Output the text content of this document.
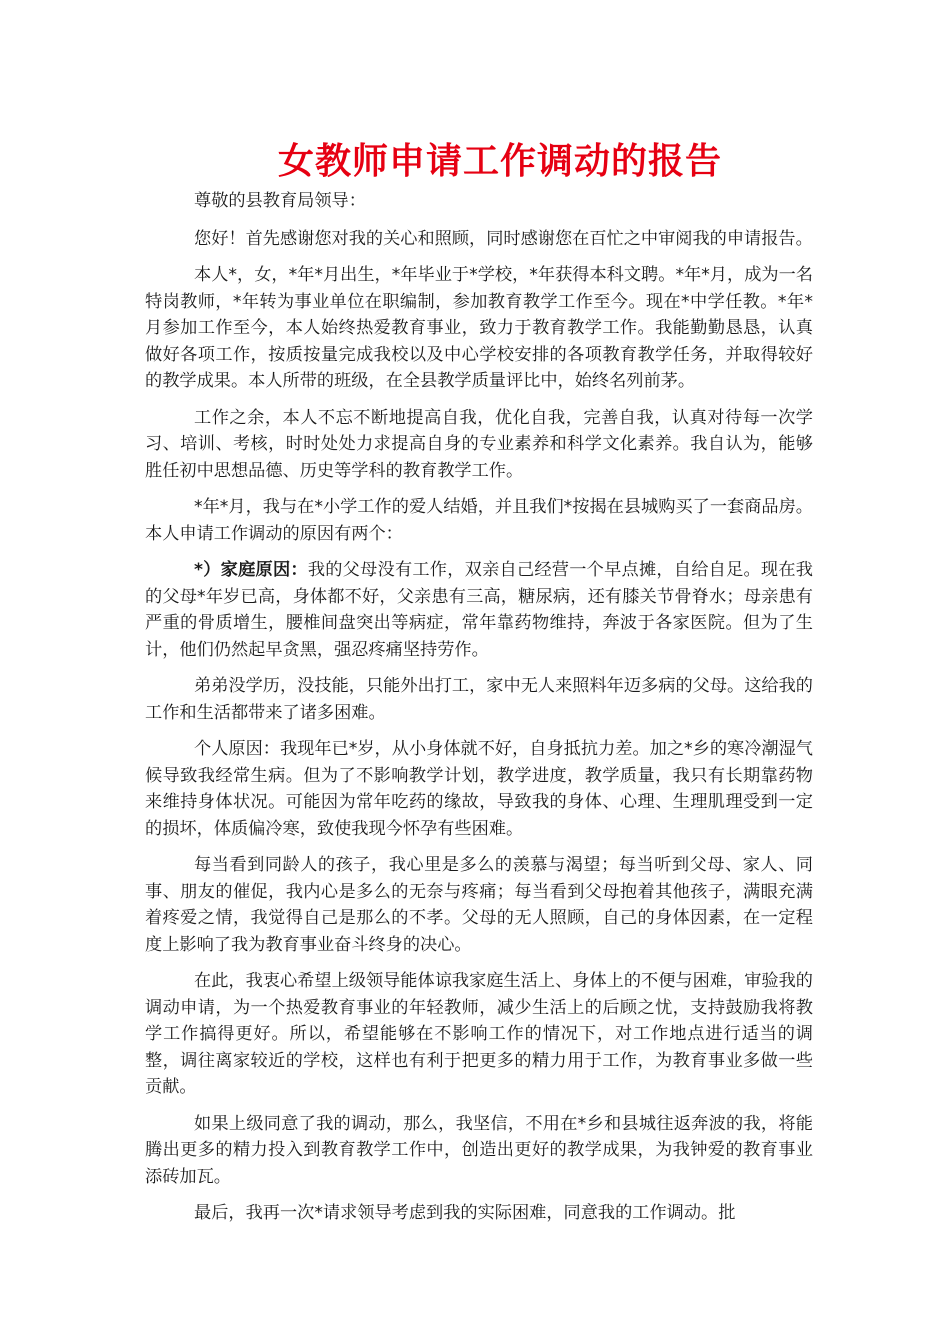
女教师申请工作调动的报告

尊敬的县教育局领导：

您好！首先感谢您对我的关心和照顾，同时感谢您在百忙之中审阅我的申请报告。

本人*，女，*年*月出生，*年毕业于*学校，*年获得本科文聘。*年*月，成为一名特岗教师，*年转为事业单位在职编制，参加教育教学工作至今。现在*中学任教。*年*月参加工作至今，本人始终热爱教育事业，致力于教育教学工作。我能勤勤恳恳，认真做好各项工作，按质按量完成我校以及中心学校安排的各项教育教学任务，并取得较好的教学成果。本人所带的班级，在全县教学质量评比中，始终名列前茅。

工作之余，本人不忘不断地提高自我，优化自我，完善自我，认真对待每一次学习、培训、考核，时时处处力求提高自身的专业素养和科学文化素养。我自认为，能够胜任初中思想品德、历史等学科的教育教学工作。

*年*月，我与在*小学工作的爱人结婚，并且我们*按揭在县城购买了一套商品房。本人申请工作调动的原因有两个：

*）家庭原因：我的父母没有工作，双亲自己经营一个早点摊，自给自足。现在我的父母*年岁已高，身体都不好，父亲患有三高，糖尿病，还有膝关节骨脊水；母亲患有严重的骨质增生，腰椎间盘突出等病症，常年靠药物维持，奔波于各家医院。但为了生计，他们仍然起早贪黑，强忍疼痛坚持劳作。

弟弟没学历，没技能，只能外出打工，家中无人来照料年迈多病的父母。这给我的工作和生活都带来了诸多困难。

个人原因：我现年已*岁，从小身体就不好，自身抵抗力差。加之*乡的寒冷潮湿气候导致我经常生病。但为了不影响教学计划，教学进度，教学质量，我只有长期靠药物来维持身体状况。可能因为常年吃药的缘故，导致我的身体、心理、生理肌理受到一定的损坏，体质偏冷寒，致使我现今怀孕有些困难。

每当看到同龄人的孩子，我心里是多么的羡慕与渴望；每当听到父母、家人、同事、朋友的催促，我内心是多么的无奈与疼痛；每当看到父母抱着其他孩子，满眼充满着疼爱之情，我觉得自己是那么的不孝。父母的无人照顾，自己的身体因素，在一定程度上影响了我为教育事业奋斗终身的决心。

在此，我衷心希望上级领导能体谅我家庭生活上、身体上的不便与困难，审验我的调动申请，为一个热爱教育事业的年轻教师，减少生活上的后顾之忧，支持鼓励我将教学工作搞得更好。所以，希望能够在不影响工作的情况下，对工作地点进行适当的调整，调往离家较近的学校，这样也有利于把更多的精力用于工作，为教育事业多做一些贡献。

如果上级同意了我的调动，那么，我坚信，不用在*乡和县城往返奔波的我，将能腾出更多的精力投入到教育教学工作中，创造出更好的教学成果，为我钟爱的教育事业添砖加瓦。

最后，我再一次*请求领导考虑到我的实际困难，同意我的工作调动。批
